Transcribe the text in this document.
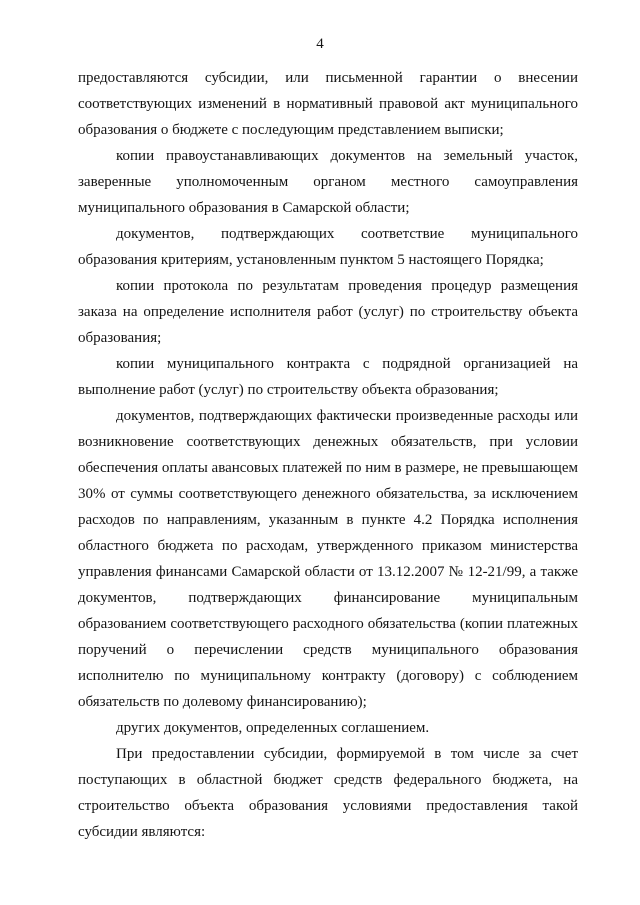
4

предоставляются субсидии, или письменной гарантии о внесении соответствующих изменений в нормативный правовой акт муниципального образования о бюджете с последующим представлением выписки;

копии правоустанавливающих документов на земельный участок, заверенные уполномоченным органом местного самоуправления муниципального образования в Самарской области;

документов, подтверждающих соответствие муниципального образования критериям, установленным пунктом 5 настоящего Порядка;

копии протокола по результатам проведения процедур размещения заказа на определение исполнителя работ (услуг) по строительству объекта образования;

копии муниципального контракта с подрядной организацией на выполнение работ (услуг) по строительству объекта образования;

документов, подтверждающих фактически произведенные расходы или возникновение соответствующих денежных обязательств, при условии обеспечения оплаты авансовых платежей по ним в размере, не превышающем 30% от суммы соответствующего денежного обязательства, за исключением расходов по направлениям, указанным в пункте 4.2 Порядка исполнения областного бюджета по расходам, утвержденного приказом министерства управления финансами Самарской области от 13.12.2007 № 12-21/99, а также документов, подтверждающих финансирование муниципальным образованием соответствующего расходного обязательства (копии платежных поручений о перечислении средств муниципального образования исполнителю по муниципальному контракту (договору) с соблюдением обязательств по долевому финансированию);

других документов, определенных соглашением.

При предоставлении субсидии, формируемой в том числе за счет поступающих в областной бюджет средств федерального бюджета, на строительство объекта образования условиями предоставления такой субсидии являются:
